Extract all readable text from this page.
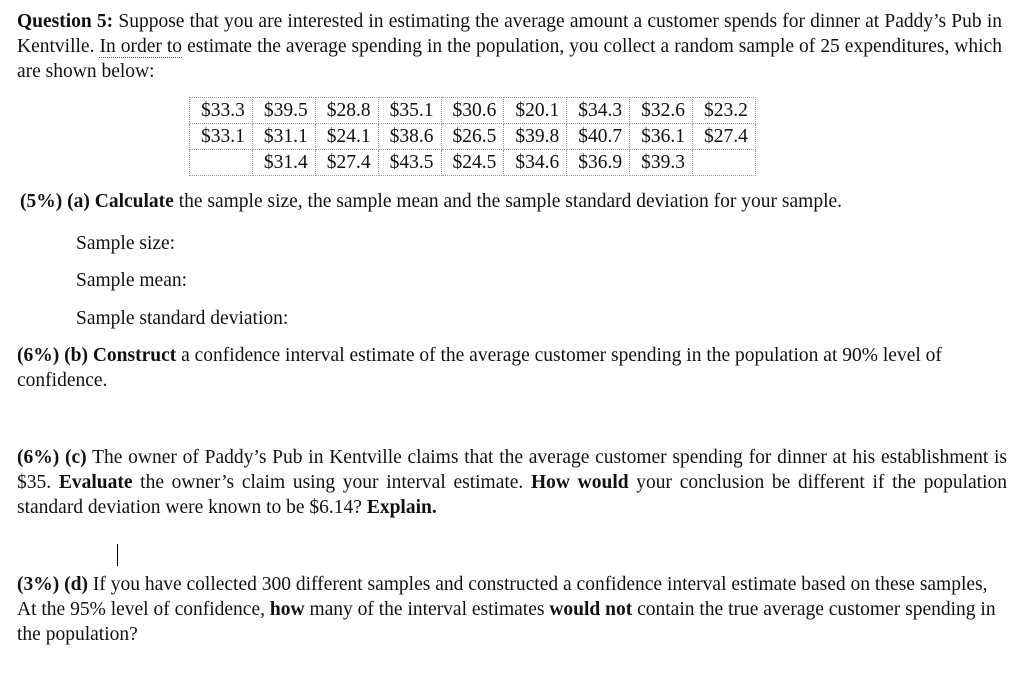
Question 5: Suppose that you are interested in estimating the average amount a customer spends for dinner at Paddy’s Pub in Kentville. In order to estimate the average spending in the population, you collect a random sample of 25 expenditures, which are shown below:

$33.3	$39.5	$28.8	$35.1	$30.6	$20.1	$34.3	$32.6	$23.2
$33.1	$31.1	$24.1	$38.6	$26.5	$39.8	$40.7	$36.1	$27.4
	$31.4	$27.4	$43.5	$24.5	$34.6	$36.9	$39.3	

(5%) (a) Calculate the sample size, the sample mean and the sample standard deviation for your sample.

Sample size:

Sample mean:

Sample standard deviation:

(6%) (b) Construct a confidence interval estimate of the average customer spending in the population at 90% level of confidence.

(6%) (c) The owner of Paddy’s Pub in Kentville claims that the average customer spending for dinner at his establishment is $35. Evaluate the owner’s claim using your interval estimate. How would your conclusion be different if the population standard deviation were known to be $6.14? Explain.

(3%) (d) If you have collected 300 different samples and constructed a confidence interval estimate based on these samples, At the 95% level of confidence, how many of the interval estimates would not contain the true average customer spending in the population?
